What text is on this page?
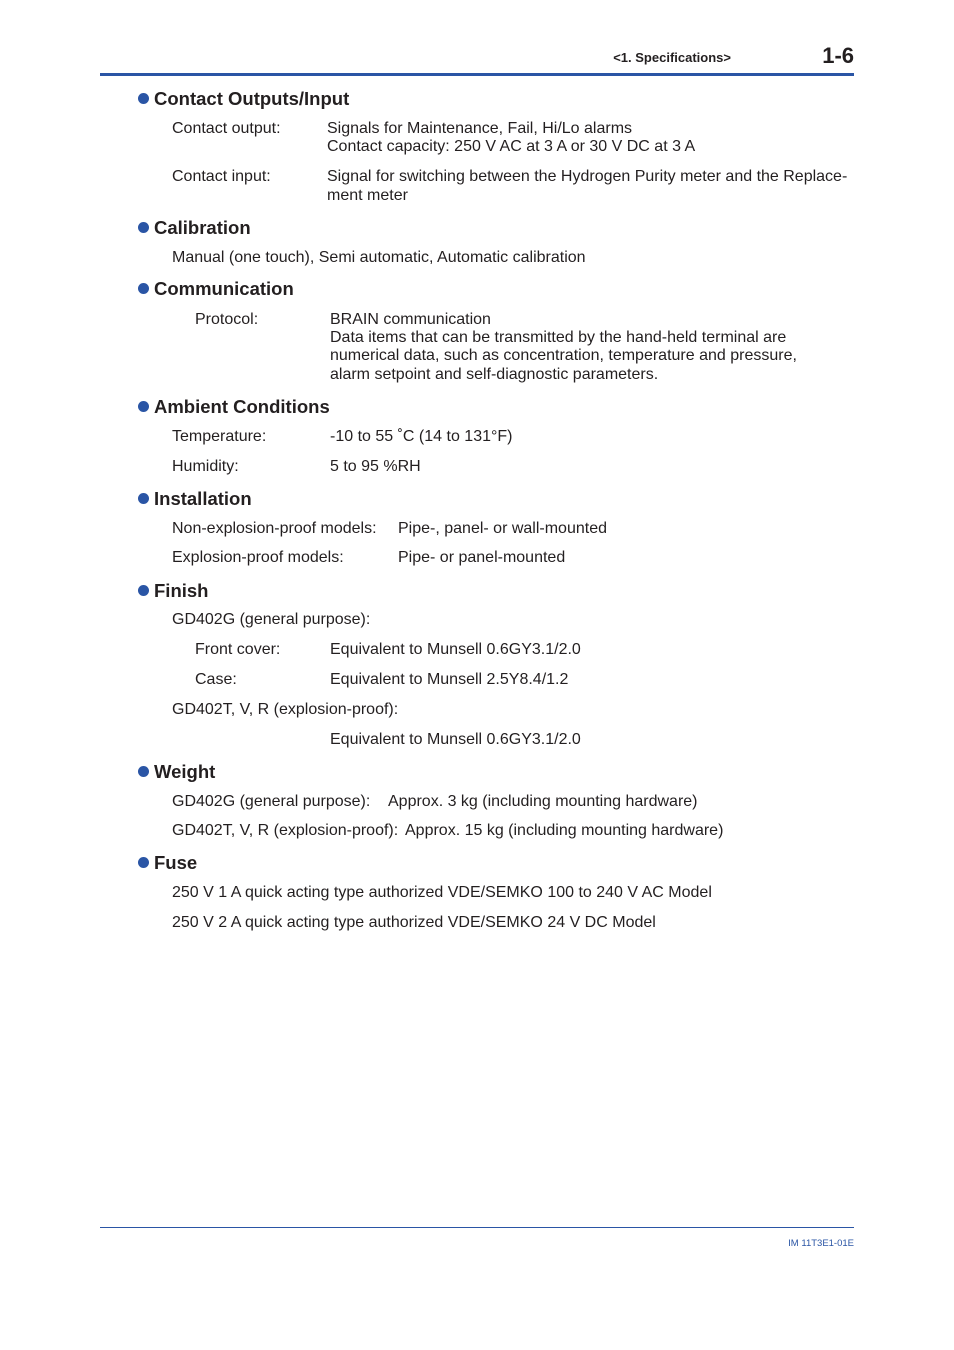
<1. Specifications>	1-6
Contact Outputs/Input
Contact output:	Signals for Maintenance, Fail, Hi/Lo alarms
Contact capacity: 250 V AC at 3 A or 30 V DC at 3 A
Contact input:	Signal for switching between the Hydrogen Purity meter and the Replace-
ment meter
Calibration
Manual (one touch), Semi automatic, Automatic calibration
Communication
Protocol:	BRAIN communication
Data items that can be transmitted by the hand-held terminal are
numerical data, such as concentration, temperature and pressure,
alarm setpoint and self-diagnostic parameters.
Ambient Conditions
Temperature:	-10 to 55 ˚C (14 to 131°F)
Humidity:	5 to 95 %RH
Installation
Non-explosion-proof models: Pipe-, panel- or wall-mounted
Explosion-proof models:	Pipe- or panel-mounted
Finish
GD402G (general purpose):
Front cover:	Equivalent to Munsell 0.6GY3.1/2.0
Case:	Equivalent to Munsell 2.5Y8.4/1.2
GD402T, V, R (explosion-proof):
Equivalent to Munsell 0.6GY3.1/2.0
Weight
GD402G (general purpose): Approx. 3 kg (including mounting hardware)
GD402T, V, R (explosion-proof): Approx. 15 kg (including mounting hardware)
Fuse
250 V 1 A quick acting type authorized VDE/SEMKO 100 to 240 V AC Model
250 V 2 A quick acting type authorized VDE/SEMKO 24 V DC Model
IM 11T3E1-01E
